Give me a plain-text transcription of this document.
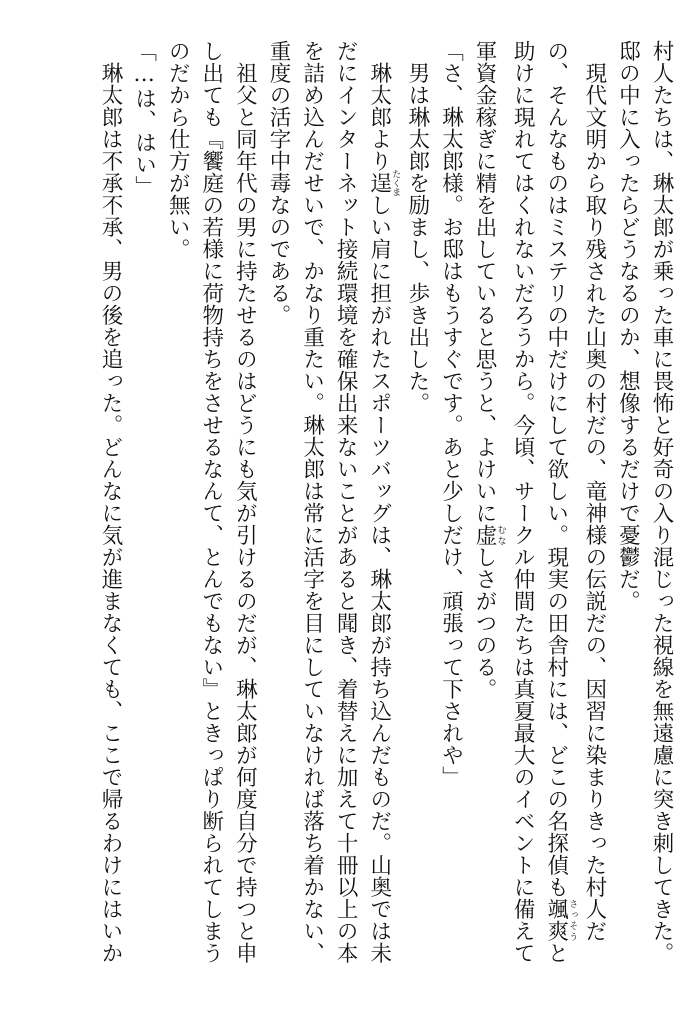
村人たちは、琳太郎が乗った車に畏怖と好奇の入り混じった視線を無遠慮に突き刺してきた。
邸の中に入ったらどうなるのか、想像するだけで憂鬱だ。
現代文明から取り残された山奥の村だの、竜神様の伝説だの、因習に染まりきった村人だ
の、そんなものはミステリの中だけにして欲しい。現実の田舎村には、どこの名探偵も颯爽さっそうと
助けに現れてはくれないだろうから。今頃、サークル仲間たちは真夏最大のイベントに備えて
軍資金稼ぎに精を出していると思うと、よけいに虚むなしさがつのる。
「さ、琳太郎様。お邸はもうすぐです。あと少しだけ、頑張って下されや」
男は琳太郎を励まし、歩き出した。
琳太郎より逞たくましい肩に担がれたスポーツバッグは、琳太郎が持ち込んだものだ。山奥では未
だにインターネット接続環境を確保出来ないことがあると聞き、着替えに加えて十冊以上の本
を詰め込んだせいで、かなり重たい。琳太郎は常に活字を目にしていなければ落ち着かない、
重度の活字中毒なのである。
祖父と同年代の男に持たせるのはどうにも気が引けるのだが、琳太郎が何度自分で持つと申
し出ても『饗庭の若様に荷物持ちをさせるなんて、とんでもない』ときっぱり断られてしまう
のだから仕方が無い。
「…は、はい」
琳太郎は不承不承、男の後を追った。どんなに気が進まなくても、ここで帰るわけにはいか
